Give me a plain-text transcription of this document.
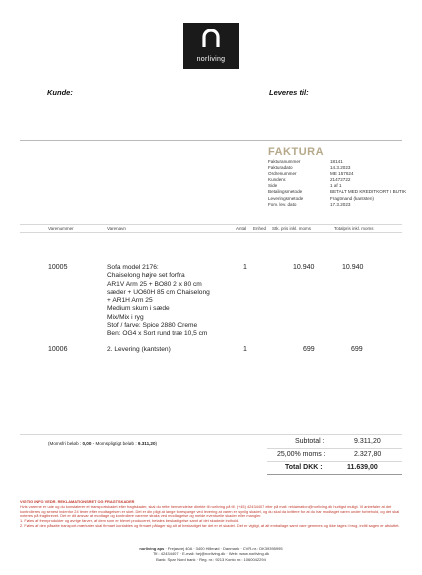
norliving
Kunde:	Leveres til:
FAKTURA
Fakturanummer	18141
Fakturadato	14.3.2023
Ordrenummer	ME 157624
Kundenr.	21472722
Side	1 af 1
Betalingsmetode	BETALT MED KREDITKORT I BUTIK
Leveringsmetode	Fragtmand (kantsten)
Forv. lev. dato	17.3.2023
Varenummer	Varenavn	Antal Enhed Stk. pris inkl. moms	Totalpris inkl. moms
10005	Sofa model 2176:
Chaiselong højre set forfra
AR1V Arm 25 + BO80 2 x 80 cm
sæder + UO60H 85 cm Chaiselong
+ AR1H Arm 25
Medium skum i sæde
Mix/Mix i ryg
Stof / farve: Spice 2880 Creme
Ben: OG4 x Sort rund træ 10,5 cm
1	10.940	10.940
10006	2. Levering (kantsten)	1	699	699
(Momsfri beløb : 0,00 - Momspligtigt beløb : 9.311,20)	Subtotal :	9.311,20
25,00% moms :	2.327,80
Total DKK :	11.639,00
VIGTIG INFO VEDR. REKLAMATIONSRET OG FRAGTSKADER
Hvis varerne er ude og du konstaterer et transportskadet eller fragtskader, skal du rette henvendelse direkte til norliving på tlf. (+45) 42434407 eller på mail: reklamation@norliving.dk hurtigst muligt. Vi anbefaler at det kontrolleres og senest indenfor 24 timer efter modtagelsen er sket. Det er din pligt at lange forespørge ved levering at varen er synlig skadet, og du skal da kvittere for at du har modtaget varen under forbehold, og det skal noteres på fragtbrevet. Det er dit ansvar at modtage og kontrollere varerne straks ved modtagelse og melde eventuelle skader eller mangler.
1. Føles af fremprodukter og øvrige farver, af dem som er blevet produceret, betales beskadigelse samt af det skadede indhold.
2. Føles af den påsatte transport-mærkater skal firmaet kontaktes og firmaet påtager sig alt af beskadiget før det er et skadet. Det er vigtigt, at alt emballage samt vare gemmes og ikke tages i brug, indtil sagen er afsluttet.
norliving aps · Frejasvej 40A · 3400 Hillerød · Danmark · CVR-nr.: DK39395995
Tlf.: 42434407 · E-mail: hej@norliving.dk · Web: www.norliving.dk
Bank: Spar Nord bank · Reg. nr.: 9213 Konto nr.: 1060042294
